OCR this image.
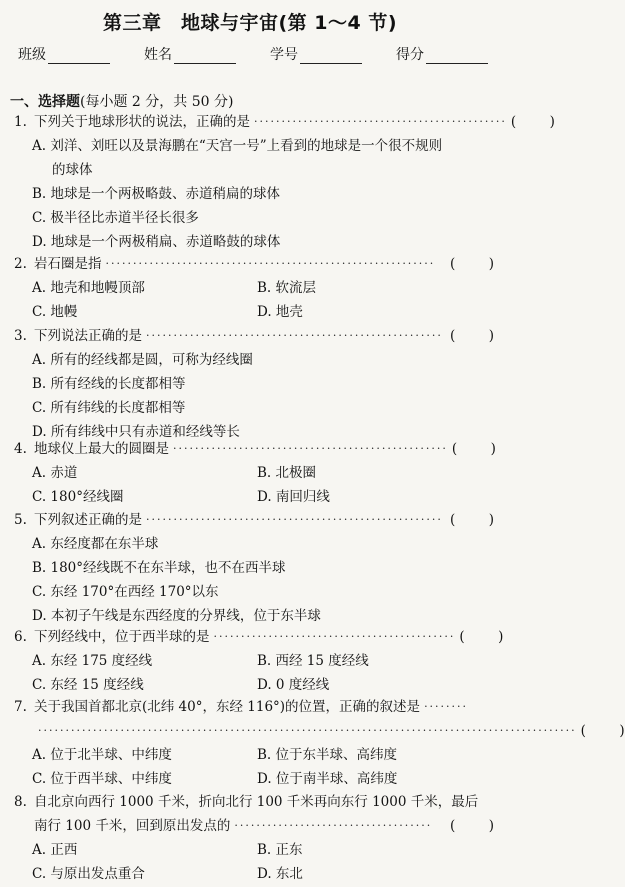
第三章　地球与宇宙(第 1～4 节)
班级	姓名	学号	得分
一、选择题(每小题 2 分，共 50 分)
1. 下列关于地球形状的说法，正确的是 ·············································· ( )
A. 刘洋、刘旺以及景海鹏在“天宫一号”上看到的地球是一个很不规则
的球体
B. 地球是一个两极略鼓、赤道稍扁的球体
C. 极半径比赤道半径长很多
D. 地球是一个两极稍扁、赤道略鼓的球体
2. 岩石圈是指 ····························································	( )
A. 地壳和地幔顶部	B. 软流层
C. 地幔	D. 地壳
3. 下列说法正确的是 ······················································ ( )
A. 所有的经线都是圆，可称为经线圈
B. 所有经线的长度都相等
C. 所有纬线的长度都相等
D. 所有纬线中只有赤道和经线等长
4. 地球仪上最大的圆圈是 ·················································· ( )
A. 赤道	B. 北极圈
C. 180°经线圈	D. 南回归线
5. 下列叙述正确的是 ······················································ ( )
A. 东经度都在东半球
B. 180°经线既不在东半球，也不在西半球
C. 东经 170°在西经 170°以东
D. 本初子午线是东西经度的分界线，位于东半球
6. 下列经线中，位于西半球的是 ············································ ( )
A. 东经 175 度经线	B. 西经 15 度经线
C. 东经 15 度经线	D. 0 度经线
7. 关于我国首都北京(北纬 40°，东经 116°)的位置，正确的叙述是 ········
·································································································· ( )
A. 位于北半球、中纬度	B. 位于东半球、高纬度
C. 位于西半球、中纬度	D. 位于南半球、高纬度
8. 自北京向西行 1000 千米，折向北行 100 千米再向东行 1000 千米，最后
南行 100 千米，回到原出发点的 ····································	( )
A. 正西	B. 正东
C. 与原出发点重合	D. 东北
